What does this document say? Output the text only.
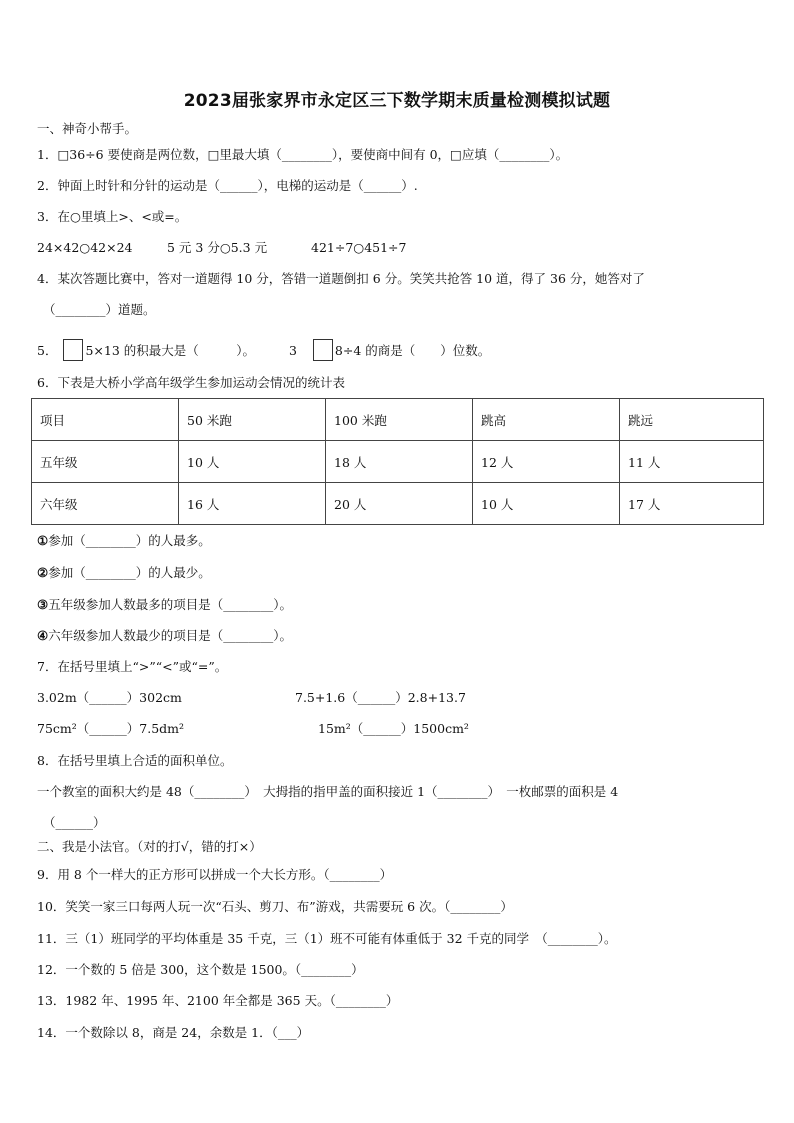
2023届张家界市永定区三下数学期末质量检测模拟试题
一、神奇小帮手。
1．□36÷6 要使商是两位数，□里最大填（________），要使商中间有 0，□应填（________）。
2．钟面上时针和分针的运动是（______），电梯的运动是（______）.
3．在○里填上>、<或=。
24×42○42×24	5 元 3 分○5.3 元	421÷7○451÷7
4．某次答题比赛中，答对一道题得 10 分，答错一道题倒扣 6 分。笑笑共抢答 10 道，得了 36 分，她答对了
（________）道题。
5． 5×13 的积最大是（　　　）。	3	8÷4 的商是（　　）位数。
6．下表是大桥小学高年级学生参加运动会情况的统计表
项目	50 米跑	100 米跑	跳高	跳远
五年级	10 人	18 人	12 人	11 人
六年级	16 人	20 人	10 人	17 人
①参加（________）的人最多。
②参加（________）的人最少。
③五年级参加人数最多的项目是（________）。
④六年级参加人数最少的项目是（________）。
7．在括号里填上“>”“<”或“=”。
3.02m（______）302cm	7.5+1.6（______）2.8+13.7
75cm²（______）7.5dm²	15m²（______）1500cm²
8．在括号里填上合适的面积单位。
一个教室的面积大约是 48（________）　大拇指的指甲盖的面积接近 1（________）　一枚邮票的面积是 4
（______）
二、我是小法官。（对的打√，错的打×）
9．用 8 个一样大的正方形可以拼成一个大长方形。（________）
10．笑笑一家三口每两人玩一次“石头、剪刀、布”游戏，共需要玩 6 次。（________）
11．三（1）班同学的平均体重是 35 千克，三（1）班不可能有体重低于 32 千克的同学　（________）。
12．一个数的 5 倍是 300，这个数是 1500。（________）
13．1982 年、1995 年、2100 年全都是 365 天。（________）
14．一个数除以 8，商是 24，余数是 1．（___）
